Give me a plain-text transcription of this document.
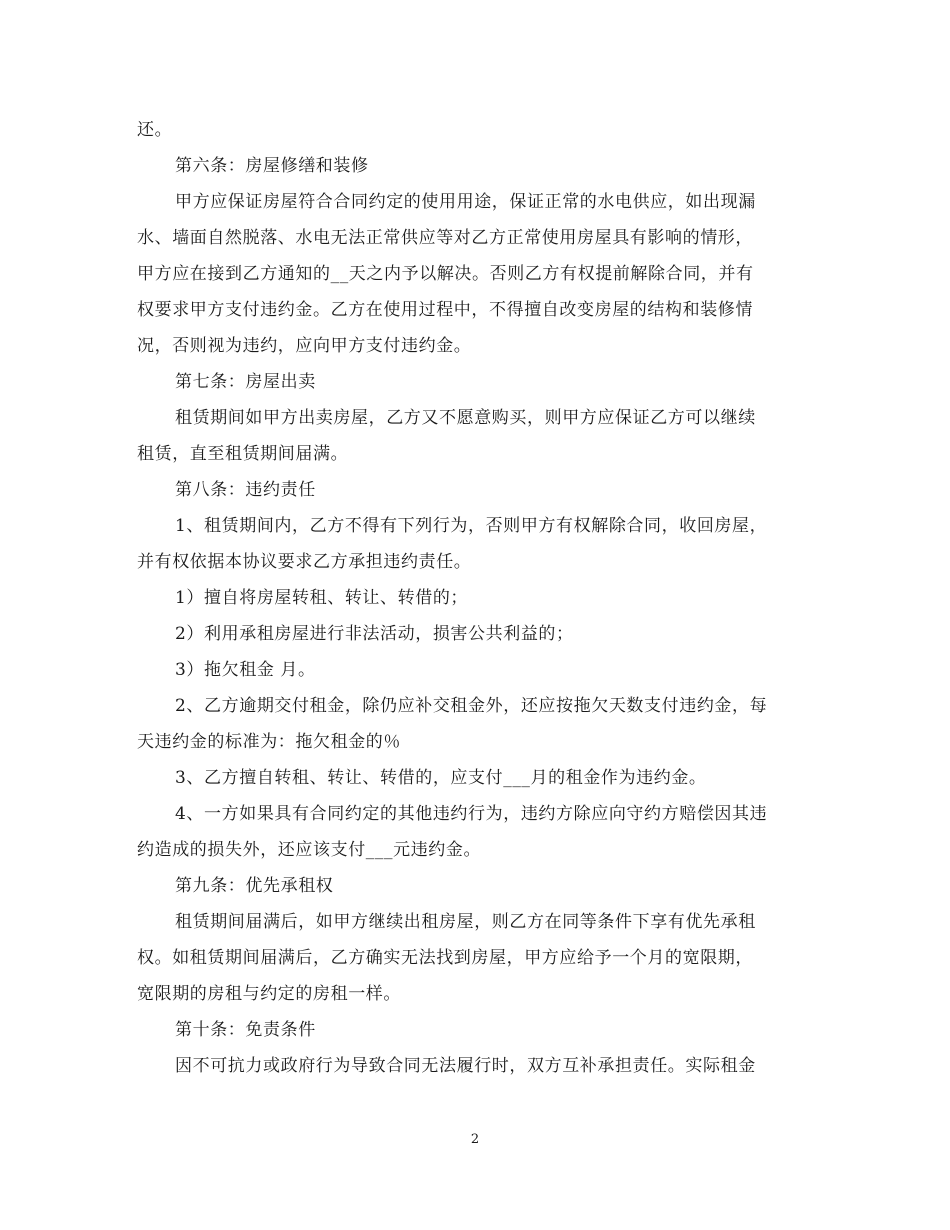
还。
第六条：房屋修缮和装修
甲方应保证房屋符合合同约定的使用用途，保证正常的水电供应，如出现漏
水、墙面自然脱落、水电无法正常供应等对乙方正常使用房屋具有影响的情形，
甲方应在接到乙方通知的__天之内予以解决。否则乙方有权提前解除合同，并有
权要求甲方支付违约金。乙方在使用过程中，不得擅自改变房屋的结构和装修情
况，否则视为违约，应向甲方支付违约金。
第七条：房屋出卖
租赁期间如甲方出卖房屋，乙方又不愿意购买，则甲方应保证乙方可以继续
租赁，直至租赁期间届满。
第八条：违约责任
1、租赁期间内，乙方不得有下列行为，否则甲方有权解除合同，收回房屋，
并有权依据本协议要求乙方承担违约责任。
1）擅自将房屋转租、转让、转借的；
2）利用承租房屋进行非法活动，损害公共利益的；
3）拖欠租金 月。
2、乙方逾期交付租金，除仍应补交租金外，还应按拖欠天数支付违约金，每
天违约金的标准为：拖欠租金的％
3、乙方擅自转租、转让、转借的，应支付___月的租金作为违约金。
4、一方如果具有合同约定的其他违约行为，违约方除应向守约方赔偿因其违
约造成的损失外，还应该支付___元违约金。
第九条：优先承租权
租赁期间届满后，如甲方继续出租房屋，则乙方在同等条件下享有优先承租
权。如租赁期间届满后，乙方确实无法找到房屋，甲方应给予一个月的宽限期，
宽限期的房租与约定的房租一样。
第十条：免责条件
因不可抗力或政府行为导致合同无法履行时，双方互补承担责任。实际租金
2
